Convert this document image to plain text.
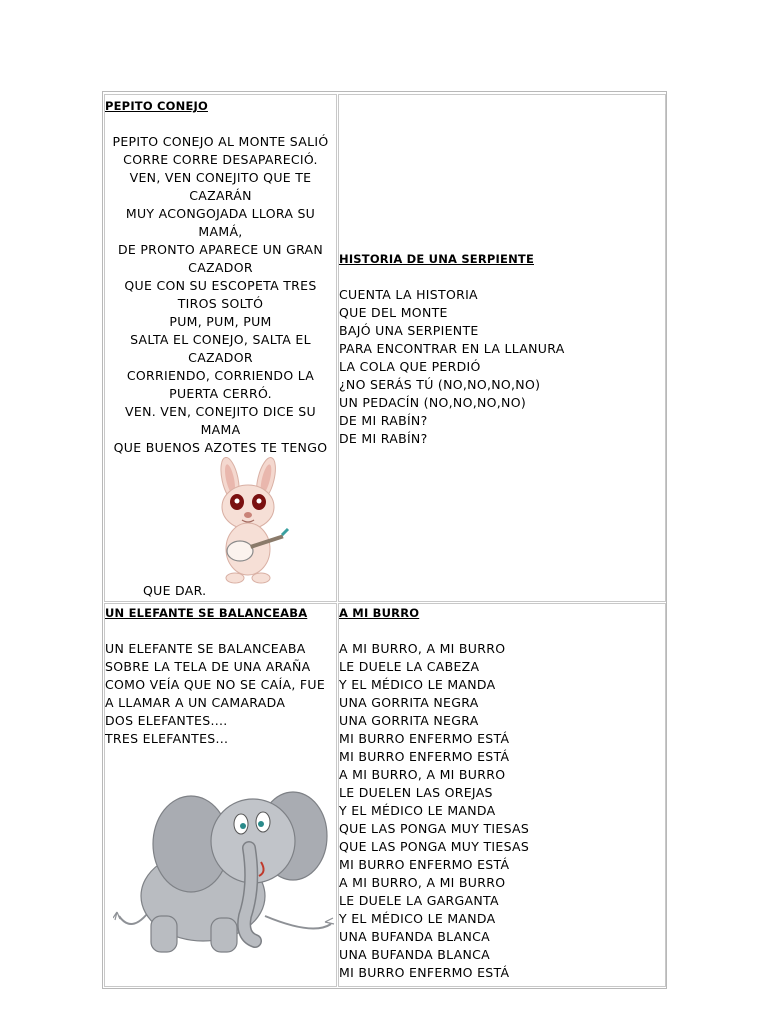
PEPITO CONEJO
PEPITO CONEJO AL MONTE SALIÓ
CORRE CORRE DESAPARECIÓ.
VEN, VEN CONEJITO QUE TE CAZARÁN
MUY ACONGOJADA LLORA SU MAMÁ,
DE PRONTO APARECE UN GRAN CAZADOR
QUE CON SU ESCOPETA TRES TIROS SOLTÓ
PUM, PUM, PUM
SALTA EL CONEJO, SALTA EL CAZADOR
CORRIENDO, CORRIENDO LA PUERTA CERRÓ.
VEN. VEN, CONEJITO DICE SU MAMA
QUE BUENOS AZOTES TE TENGO
QUE DAR.
HISTORIA DE UNA SERPIENTE
CUENTA LA HISTORIA
QUE DEL MONTE
BAJÓ UNA SERPIENTE
PARA ENCONTRAR EN LA LLANURA
LA COLA QUE PERDIÓ
¿NO SERÁS TÚ (NO,NO,NO,NO)
UN PEDACÍN (NO,NO,NO,NO)
DE MI RABÍN?
DE MI RABÍN?
UN ELEFANTE SE BALANCEABA
UN ELEFANTE SE BALANCEABA
SOBRE LA TELA DE UNA ARAÑA
COMO VEÍA QUE NO SE CAÍA, FUE
A LLAMAR A UN CAMARADA
DOS ELEFANTES....
TRES ELEFANTES...
A MI BURRO
A MI BURRO, A MI BURRO
LE DUELE LA CABEZA
Y EL MÉDICO LE MANDA
UNA GORRITA NEGRA
UNA GORRITA NEGRA
MI BURRO ENFERMO ESTÁ
MI BURRO ENFERMO ESTÁ
A MI BURRO, A MI BURRO
LE DUELEN LAS OREJAS
Y EL MÉDICO LE MANDA
QUE LAS PONGA MUY TIESAS
QUE LAS PONGA MUY TIESAS
MI BURRO ENFERMO ESTÁ
A MI BURRO, A MI BURRO
LE DUELE LA GARGANTA
Y EL MÉDICO LE MANDA
UNA BUFANDA BLANCA
UNA BUFANDA BLANCA
MI BURRO ENFERMO ESTÁ
